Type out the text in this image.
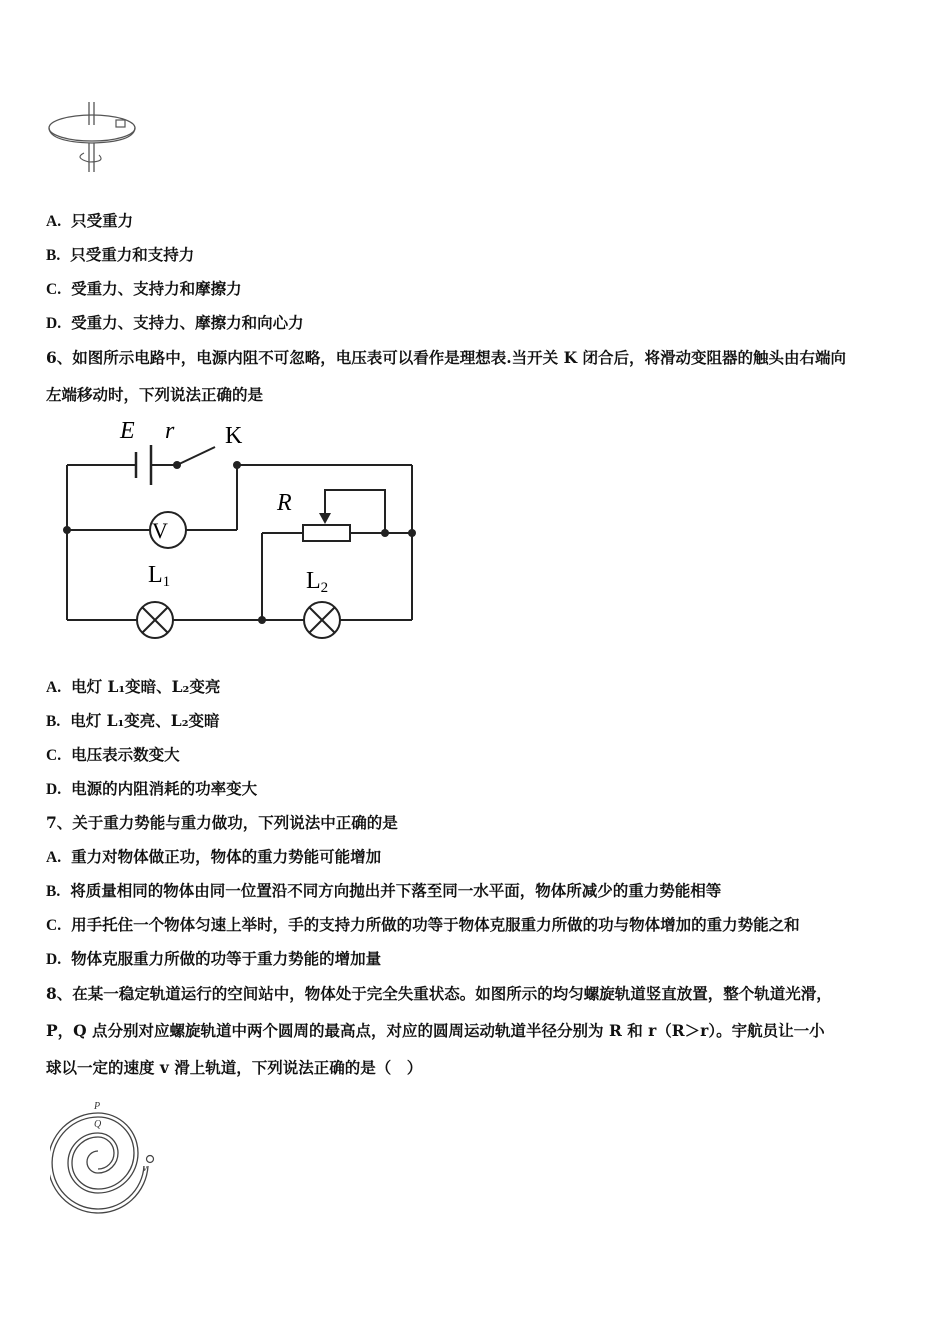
A. 只受重力
B. 只受重力和支持力
C. 受重力、支持力和摩擦力
D. 受重力、支持力、摩擦力和向心力
6、如图所示电路中，电源内阻不可忽略，电压表可以看作是理想表.当开关 K 闭合后，将滑动变阻器的触头由右端向
左端移动时，下列说法正确的是
E r K
R
V
L1	L2
A. 电灯 L₁变暗、L₂变亮
B. 电灯 L₁变亮、L₂变暗
C. 电压表示数变大
D. 电源的内阻消耗的功率变大
7、关于重力势能与重力做功，下列说法中正确的是
A. 重力对物体做正功，物体的重力势能可能增加
B. 将质量相同的物体由同一位置沿不同方向抛出并下落至同一水平面，物体所减少的重力势能相等
C. 用手托住一个物体匀速上举时，手的支持力所做的功等于物体克服重力所做的功与物体增加的重力势能之和
D. 物体克服重力所做的功等于重力势能的增加量
8、在某一稳定轨道运行的空间站中，物体处于完全失重状态。如图所示的均匀螺旋轨道竖直放置，整个轨道光滑，
P，Q 点分别对应螺旋轨道中两个圆周的最高点，对应的圆周运动轨道半径分别为 R 和 r（R＞r）。宇航员让一小
球以一定的速度 v 滑上轨道，下列说法正确的是（　）
P
Q
v
